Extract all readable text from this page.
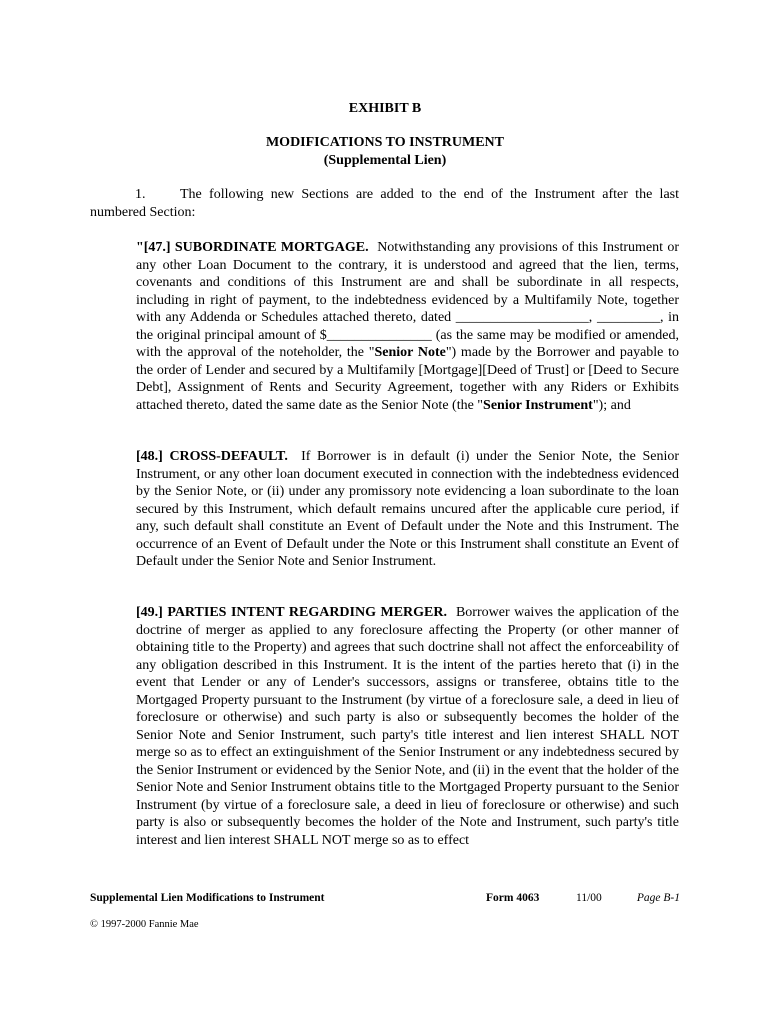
EXHIBIT B
MODIFICATIONS TO INSTRUMENT
(Supplemental Lien)
1. The following new Sections are added to the end of the Instrument after the last numbered Section:
"[47.] SUBORDINATE MORTGAGE. Notwithstanding any provisions of this Instrument or any other Loan Document to the contrary, it is understood and agreed that the lien, terms, covenants and conditions of this Instrument are and shall be subordinate in all respects, including in right of payment, to the indebtedness evidenced by a Multifamily Note, together with any Addenda or Schedules attached thereto, dated ___________________, _________, in the original principal amount of $_______________ (as the same may be modified or amended, with the approval of the noteholder, the "Senior Note") made by the Borrower and payable to the order of Lender and secured by a Multifamily [Mortgage][Deed of Trust] or [Deed to Secure Debt], Assignment of Rents and Security Agreement, together with any Riders or Exhibits attached thereto, dated the same date as the Senior Note (the "Senior Instrument"); and
[48.] CROSS-DEFAULT. If Borrower is in default (i) under the Senior Note, the Senior Instrument, or any other loan document executed in connection with the indebtedness evidenced by the Senior Note, or (ii) under any promissory note evidencing a loan subordinate to the loan secured by this Instrument, which default remains uncured after the applicable cure period, if any, such default shall constitute an Event of Default under the Note and this Instrument. The occurrence of an Event of Default under the Note or this Instrument shall constitute an Event of Default under the Senior Note and Senior Instrument.
[49.] PARTIES INTENT REGARDING MERGER. Borrower waives the application of the doctrine of merger as applied to any foreclosure affecting the Property (or other manner of obtaining title to the Property) and agrees that such doctrine shall not affect the enforceability of any obligation described in this Instrument. It is the intent of the parties hereto that (i) in the event that Lender or any of Lender's successors, assigns or transferee, obtains title to the Mortgaged Property pursuant to the Instrument (by virtue of a foreclosure sale, a deed in lieu of foreclosure or otherwise) and such party is also or subsequently becomes the holder of the Senior Note and Senior Instrument, such party's title interest and lien interest SHALL NOT merge so as to effect an extinguishment of the Senior Instrument or any indebtedness secured by the Senior Instrument or evidenced by the Senior Note, and (ii) in the event that the holder of the Senior Note and Senior Instrument obtains title to the Mortgaged Property pursuant to the Senior Instrument (by virtue of a foreclosure sale, a deed in lieu of foreclosure or otherwise) and such party is also or subsequently becomes the holder of the Note and Instrument, such party's title interest and lien interest SHALL NOT merge so as to effect
Supplemental Lien Modifications to Instrument	Form 4063	11/00	Page B-1
© 1997-2000 Fannie Mae
